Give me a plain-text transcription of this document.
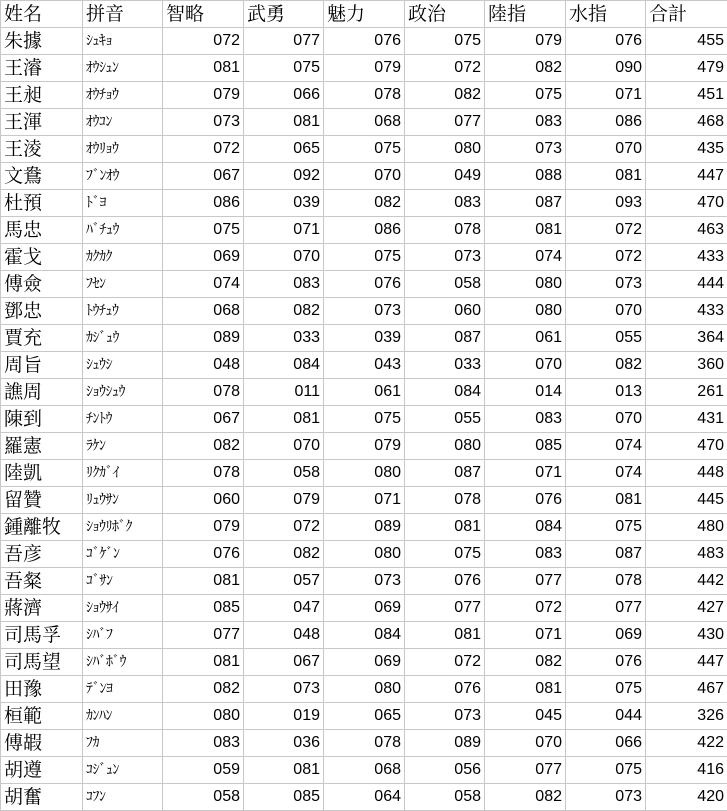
姓名	拼音	智略	武勇	魅力	政治	陸指	水指	合計
朱據	ｼｭｷｮ	072	077	076	075	079	076	455
王濬	ｵｳｼｭﾝ	081	075	079	072	082	090	479
王昶	ｵｳﾁｮｳ	079	066	078	082	075	071	451
王渾	ｵｳｺﾝ	073	081	068	077	083	086	468
王淩	ｵｳﾘｮｳ	072	065	075	080	073	070	435
文鴦	ﾌﾞﾝｵｳ	067	092	070	049	088	081	447
杜預	ﾄﾞﾖ	086	039	082	083	087	093	470
馬忠	ﾊﾞﾁｭｳ	075	071	086	078	081	072	463
霍戈	ｶｸｶｸ	069	070	075	073	074	072	433
傅僉	ﾌｾﾝ	074	083	076	058	080	073	444
鄧忠	ﾄｳﾁｭｳ	068	082	073	060	080	070	433
賈充	ｶｼﾞｭｳ	089	033	039	087	061	055	364
周旨	ｼｭｳｼ	048	084	043	033	070	082	360
譙周	ｼｮｳｼｭｳ	078	011	061	084	014	013	261
陳到	ﾁﾝﾄｳ	067	081	075	055	083	070	431
羅憲	ﾗｹﾝ	082	070	079	080	085	074	470
陸凱	ﾘｸｶﾞｲ	078	058	080	087	071	074	448
留贊	ﾘｭｳｻﾝ	060	079	071	078	076	081	445
鍾離牧	ｼｮｳﾘﾎﾞｸ	079	072	089	081	084	075	480
吾彦	ｺﾞｹﾞﾝ	076	082	080	075	083	087	483
吾粲	ｺﾞｻﾝ	081	057	073	076	077	078	442
蔣濟	ｼｮｳｻｲ	085	047	069	077	072	077	427
司馬孚	ｼﾊﾞﾌ	077	048	084	081	071	069	430
司馬望	ｼﾊﾞﾎﾞｳ	081	067	069	072	082	076	447
田豫	ﾃﾞﾝﾖ	082	073	080	076	081	075	467
桓範	ｶﾝﾊﾝ	080	019	065	073	045	044	326
傅嘏	ﾌｶ	083	036	078	089	070	066	422
胡遵	ｺｼﾞｭﾝ	059	081	068	056	077	075	416
胡奮	ｺﾌﾝ	058	085	064	058	082	073	420
